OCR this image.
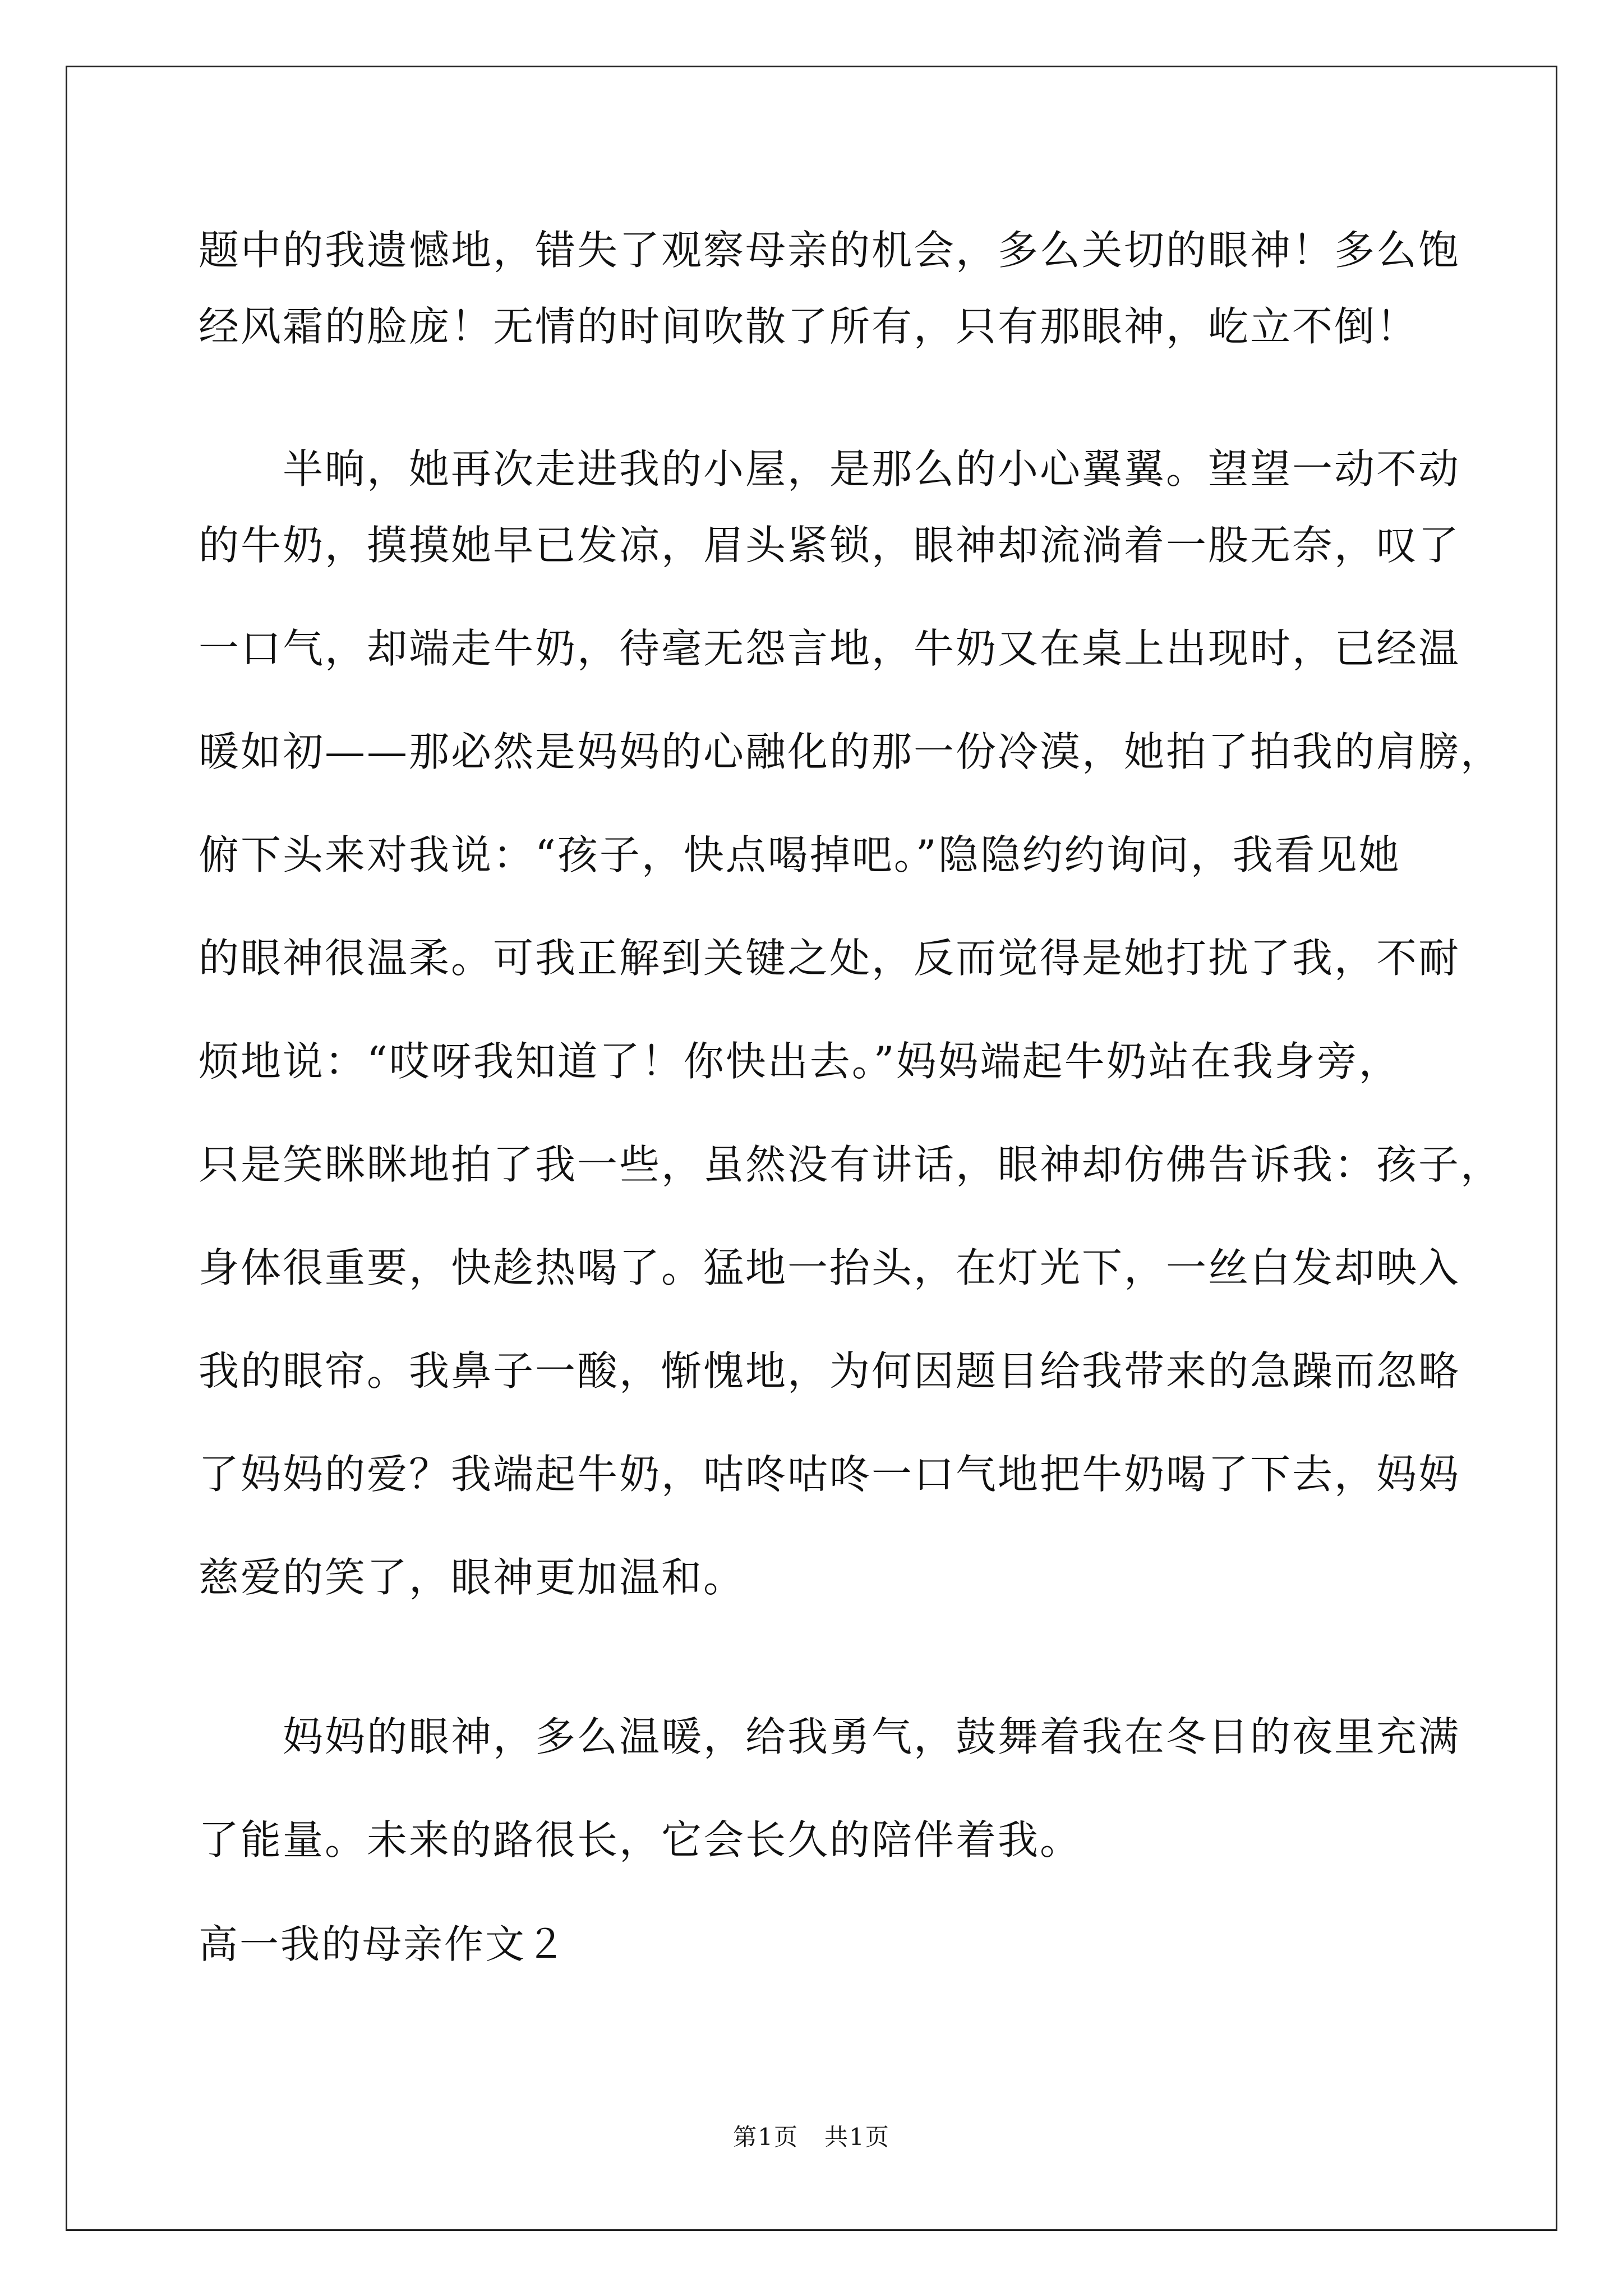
题中的我遗憾地，错失了观察母亲的机会，多么关切的眼神！多么饱
经风霜的脸庞！无情的时间吹散了所有，只有那眼神，屹立不倒！
　　半晌，她再次走进我的小屋，是那么的小心翼翼。望望一动不动
的牛奶，摸摸她早已发凉，眉头紧锁，眼神却流淌着一股无奈，叹了
一口气，却端走牛奶，待毫无怨言地，牛奶又在桌上出现时，已经温
暖如初——那必然是妈妈的心融化的那一份冷漠，她拍了拍我的肩膀，
俯下头来对我说：“孩子，快点喝掉吧。”隐隐约约询问，我看见她
的眼神很温柔。可我正解到关键之处，反而觉得是她打扰了我，不耐
烦地说：“哎呀我知道了！你快出去。”妈妈端起牛奶站在我身旁，
只是笑眯眯地拍了我一些，虽然没有讲话，眼神却仿佛告诉我：孩子，
身体很重要，快趁热喝了。猛地一抬头，在灯光下，一丝白发却映入
我的眼帘。我鼻子一酸，惭愧地，为何因题目给我带来的急躁而忽略
了妈妈的爱？我端起牛奶，咕咚咕咚一口气地把牛奶喝了下去，妈妈
慈爱的笑了，眼神更加温和。
　　妈妈的眼神，多么温暖，给我勇气，鼓舞着我在冬日的夜里充满
了能量。未来的路很长，它会长久的陪伴着我。
高一我的母亲作文２
第1页 共1页
